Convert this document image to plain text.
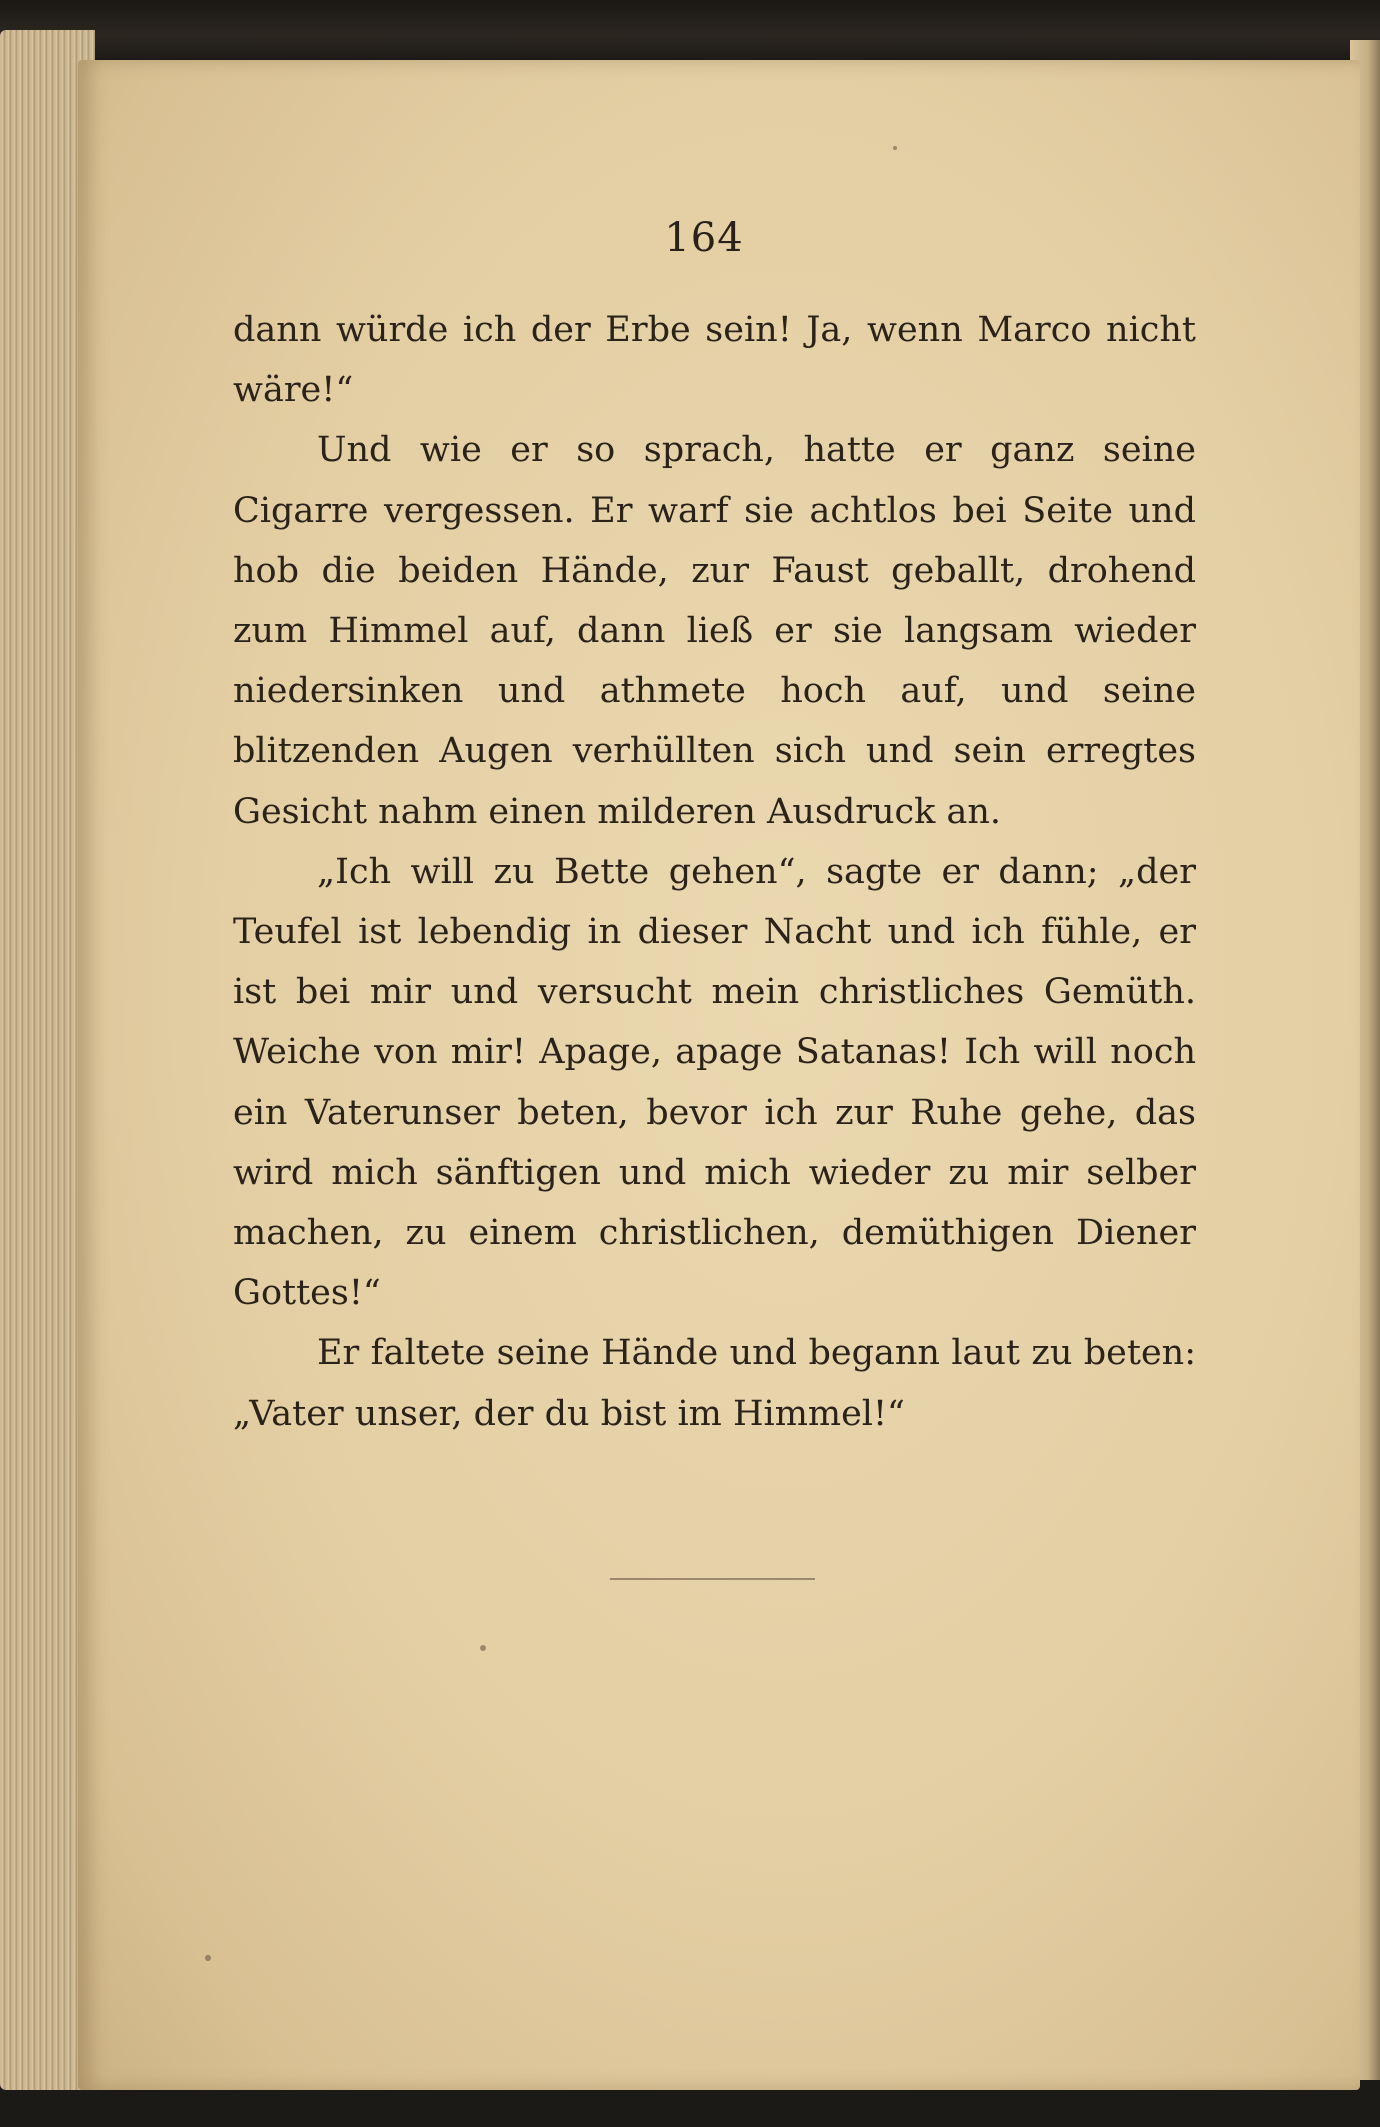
164

dann würde ich der Erbe sein! Ja, wenn Marco nicht wäre!“

Und wie er so sprach, hatte er ganz seine Cigarre vergessen. Er warf sie achtlos bei Seite und hob die beiden Hände, zur Faust geballt, drohend zum Himmel auf, dann ließ er sie langsam wieder niedersinken und athmete hoch auf, und seine blitzenden Augen verhüllten sich und sein erregtes Gesicht nahm einen milderen Ausdruck an.

„Ich will zu Bette gehen“, sagte er dann; „der Teufel ist lebendig in dieser Nacht und ich fühle, er ist bei mir und versucht mein christliches Gemüth. Weiche von mir! Apage, apage Satanas! Ich will noch ein Vaterunser beten, bevor ich zur Ruhe gehe, das wird mich sänftigen und mich wieder zu mir selber machen, zu einem christlichen, demüthigen Diener Gottes!“

Er faltete seine Hände und begann laut zu beten: „Vater unser, der du bist im Himmel!“
